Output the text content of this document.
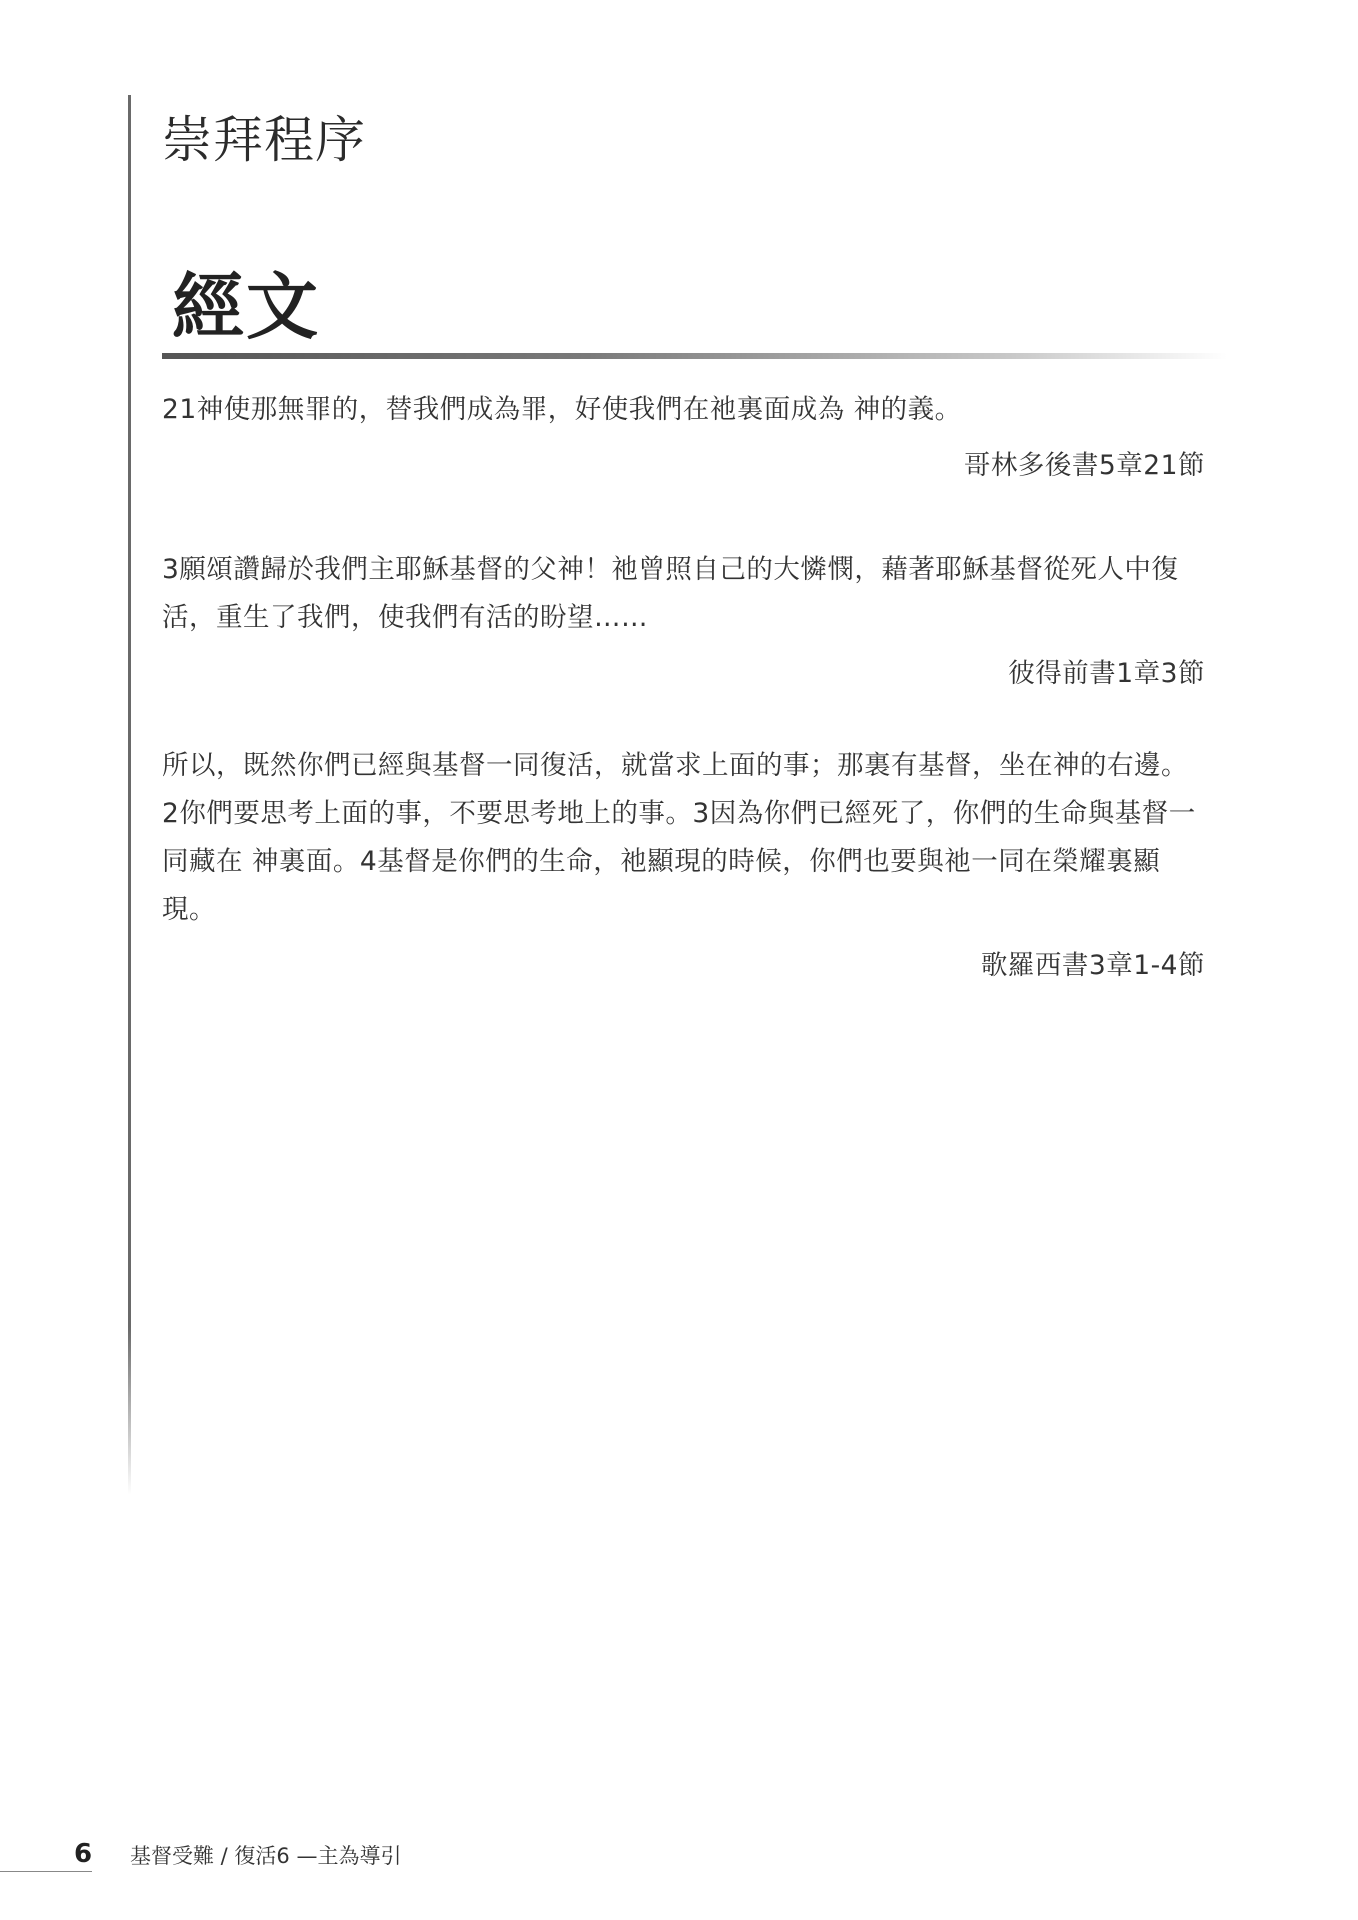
崇拜程序
經文
21神使那無罪的，替我們成為罪，好使我們在祂裏面成為 神的義。
哥林多後書5章21節
3願頌讚歸於我們主耶穌基督的父神！祂曾照自己的大憐憫，藉著耶穌基督從死人中復活，重生了我們，使我們有活的盼望……
彼得前書1章3節
所以，既然你們已經與基督一同復活，就當求上面的事；那裏有基督，坐在神的右邊。2你們要思考上面的事，不要思考地上的事。3因為你們已經死了，你們的生命與基督一同藏在 神裏面。4基督是你們的生命，祂顯現的時候，你們也要與祂一同在榮耀裏顯現。
歌羅西書3章1-4節
6 基督受難 / 復活6 —主為導引
